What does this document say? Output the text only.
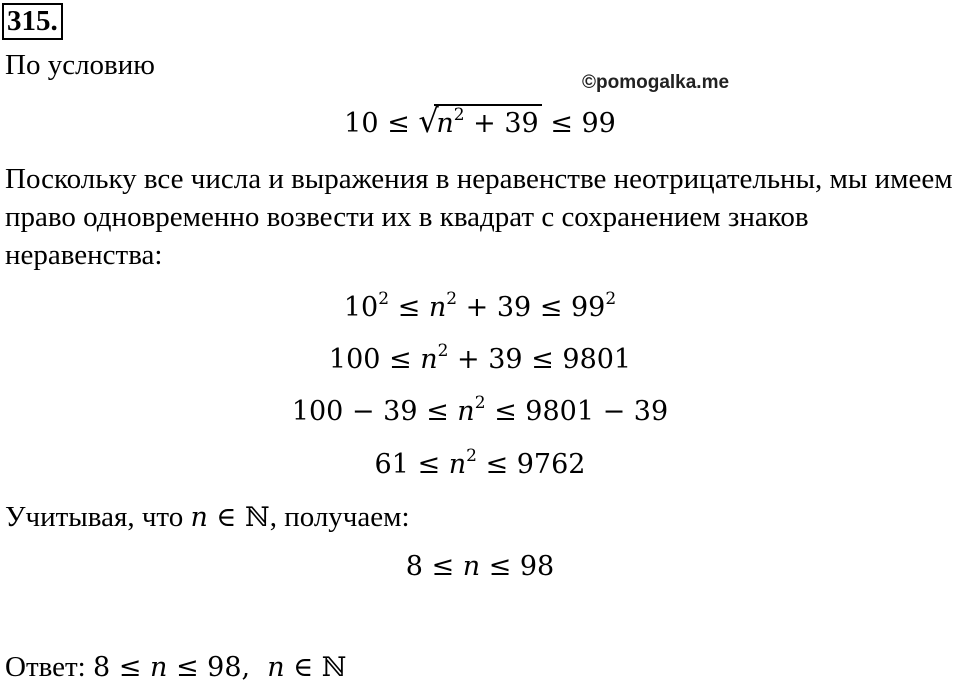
315.
По условию
©pomogalka.me
10 ≤ √
$n^2 + 39 \le 99$
Поскольку все числа и выражения в неравенстве неотрицательны, мы имеем
право одновременно возвести их в квадрат с сохранением знаков
неравенства:
$10^2 \le n^2 + 39 \le 99^2$
$100 \le n^2 + 39 \le 9801$
$100 - 39 \le n^2 \le 9801 - 39$
$61 \le n^2 \le 9762$
Учитывая, что n ∈ ℕ, получаем:
8 ≤ n ≤ 98
Ответ: 8 ≤ n ≤ 98,  n ∈ ℕ
